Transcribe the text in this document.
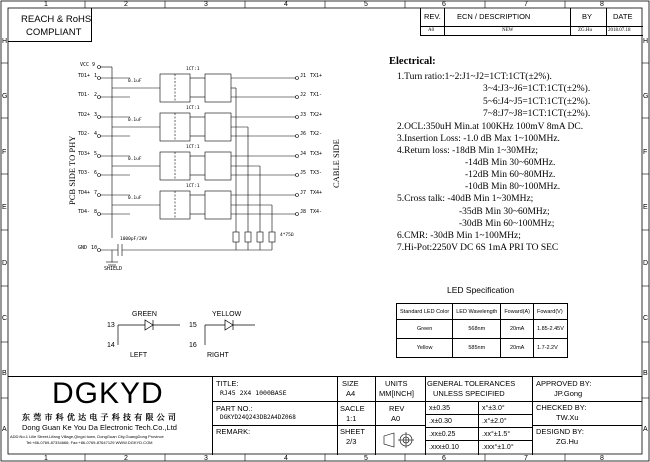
1	2	3	4	5	6	7	8
1	2	3	4	5	6	7	8
H
G
F
E
D
C
B
A
H
G
F
E
D
C
B
A
REACH & RoHS
COMPLIANT
REV. ECN / DESCRIPTION	BY	DATE
A0	NEW	ZG.Hu	2018.07.18
VCC 9
TD1+ 1
TD1- 2
TD2+ 3
TD2- 4
TD3+ 5
TD3- 6
TD4+ 7
TD4- 8
GND 10
SHIELD
1000pF/2KV
4*75Ω
0.1uF
0.1uF
0.1uF
0.1uF
1CT:1
1CT:1
1CT:1
1CT:1
J1 TX1+
J2 TX1-
J3 TX2+
J6 TX2-
J4 TX3+
J5 TX3-
J7 TX4+
J8 TX4-
PCB SIDE TO PHY	CABLE SIDE
GREEN
13
14
LEFT
YELLOW
15
16
RIGHT
Electrical:
1.Turn ratio:1~2:J1~J2=1CT:1CT(±2%).
3~4:J3~J6=1CT:1CT(±2%).
5~6:J4~J5=1CT:1CT(±2%).
7~8:J7~J8=1CT:1CT(±2%).
2.OCL:350uH Min.at 100KHz 100mV 8mA DC.
3.Insertion Loss: -1.0 dB Max 1~100MHz.
4.Return loss: -18dB Min 1~30MHz;
-14dB Min 30~60MHz.
-12dB Min 60~80MHz.
-10dB Min 80~100MHz.
5.Cross talk: -40dB Min 1~30MHz;
-35dB Min 30~60MHz;
-30dB Min 60~100MHz;
6.CMR: -30dB Min 1~100MHz;
7.Hi-Pot:2250V DC 6S 1mA PRI TO SEC
LED Specification
Standard LED Color	LED Wavelength	Foward(A)	Foward(V)
Green	568nm	20mA	1.85-2.45V
Yellow	585nm	20mA	1.7-2.2V
DGKYD
东 莞 市 科 优 达 电 子 科 技 有 限 公 司
Dong Guan Ke You Da Electronic Tech.Co.,Ltd
ADD:No.1 Lilie Street,Lifang Village,Qingxi town, DongGuan City,GuangDong Province
Tel:+86-0769-87334666; Fax:+86-0769-87647129 WWW.DGKYD.COM
TITLE:
RJ45 2X4 1000BASE
PART NO.:
DGKYD24Q243DB2A4DZ068
REMARK:
SIZE
A4
SACLE
1:1
SHEET
2/3
UNITS
MM[INCH]
REV
A0
GENERAL TOLERANCES
UNLESS SPECIFIED
x±0.35	x°±3.0°
.x±0.30	.x°±2.0°
.xx±0.25	.xx°±1.5°
.xxx±0.10	.xxx°±1.0°
APPROVED BY:
JP.Gong
CHECKED BY:
TW.Xu
DESIGND BY:
ZG.Hu
